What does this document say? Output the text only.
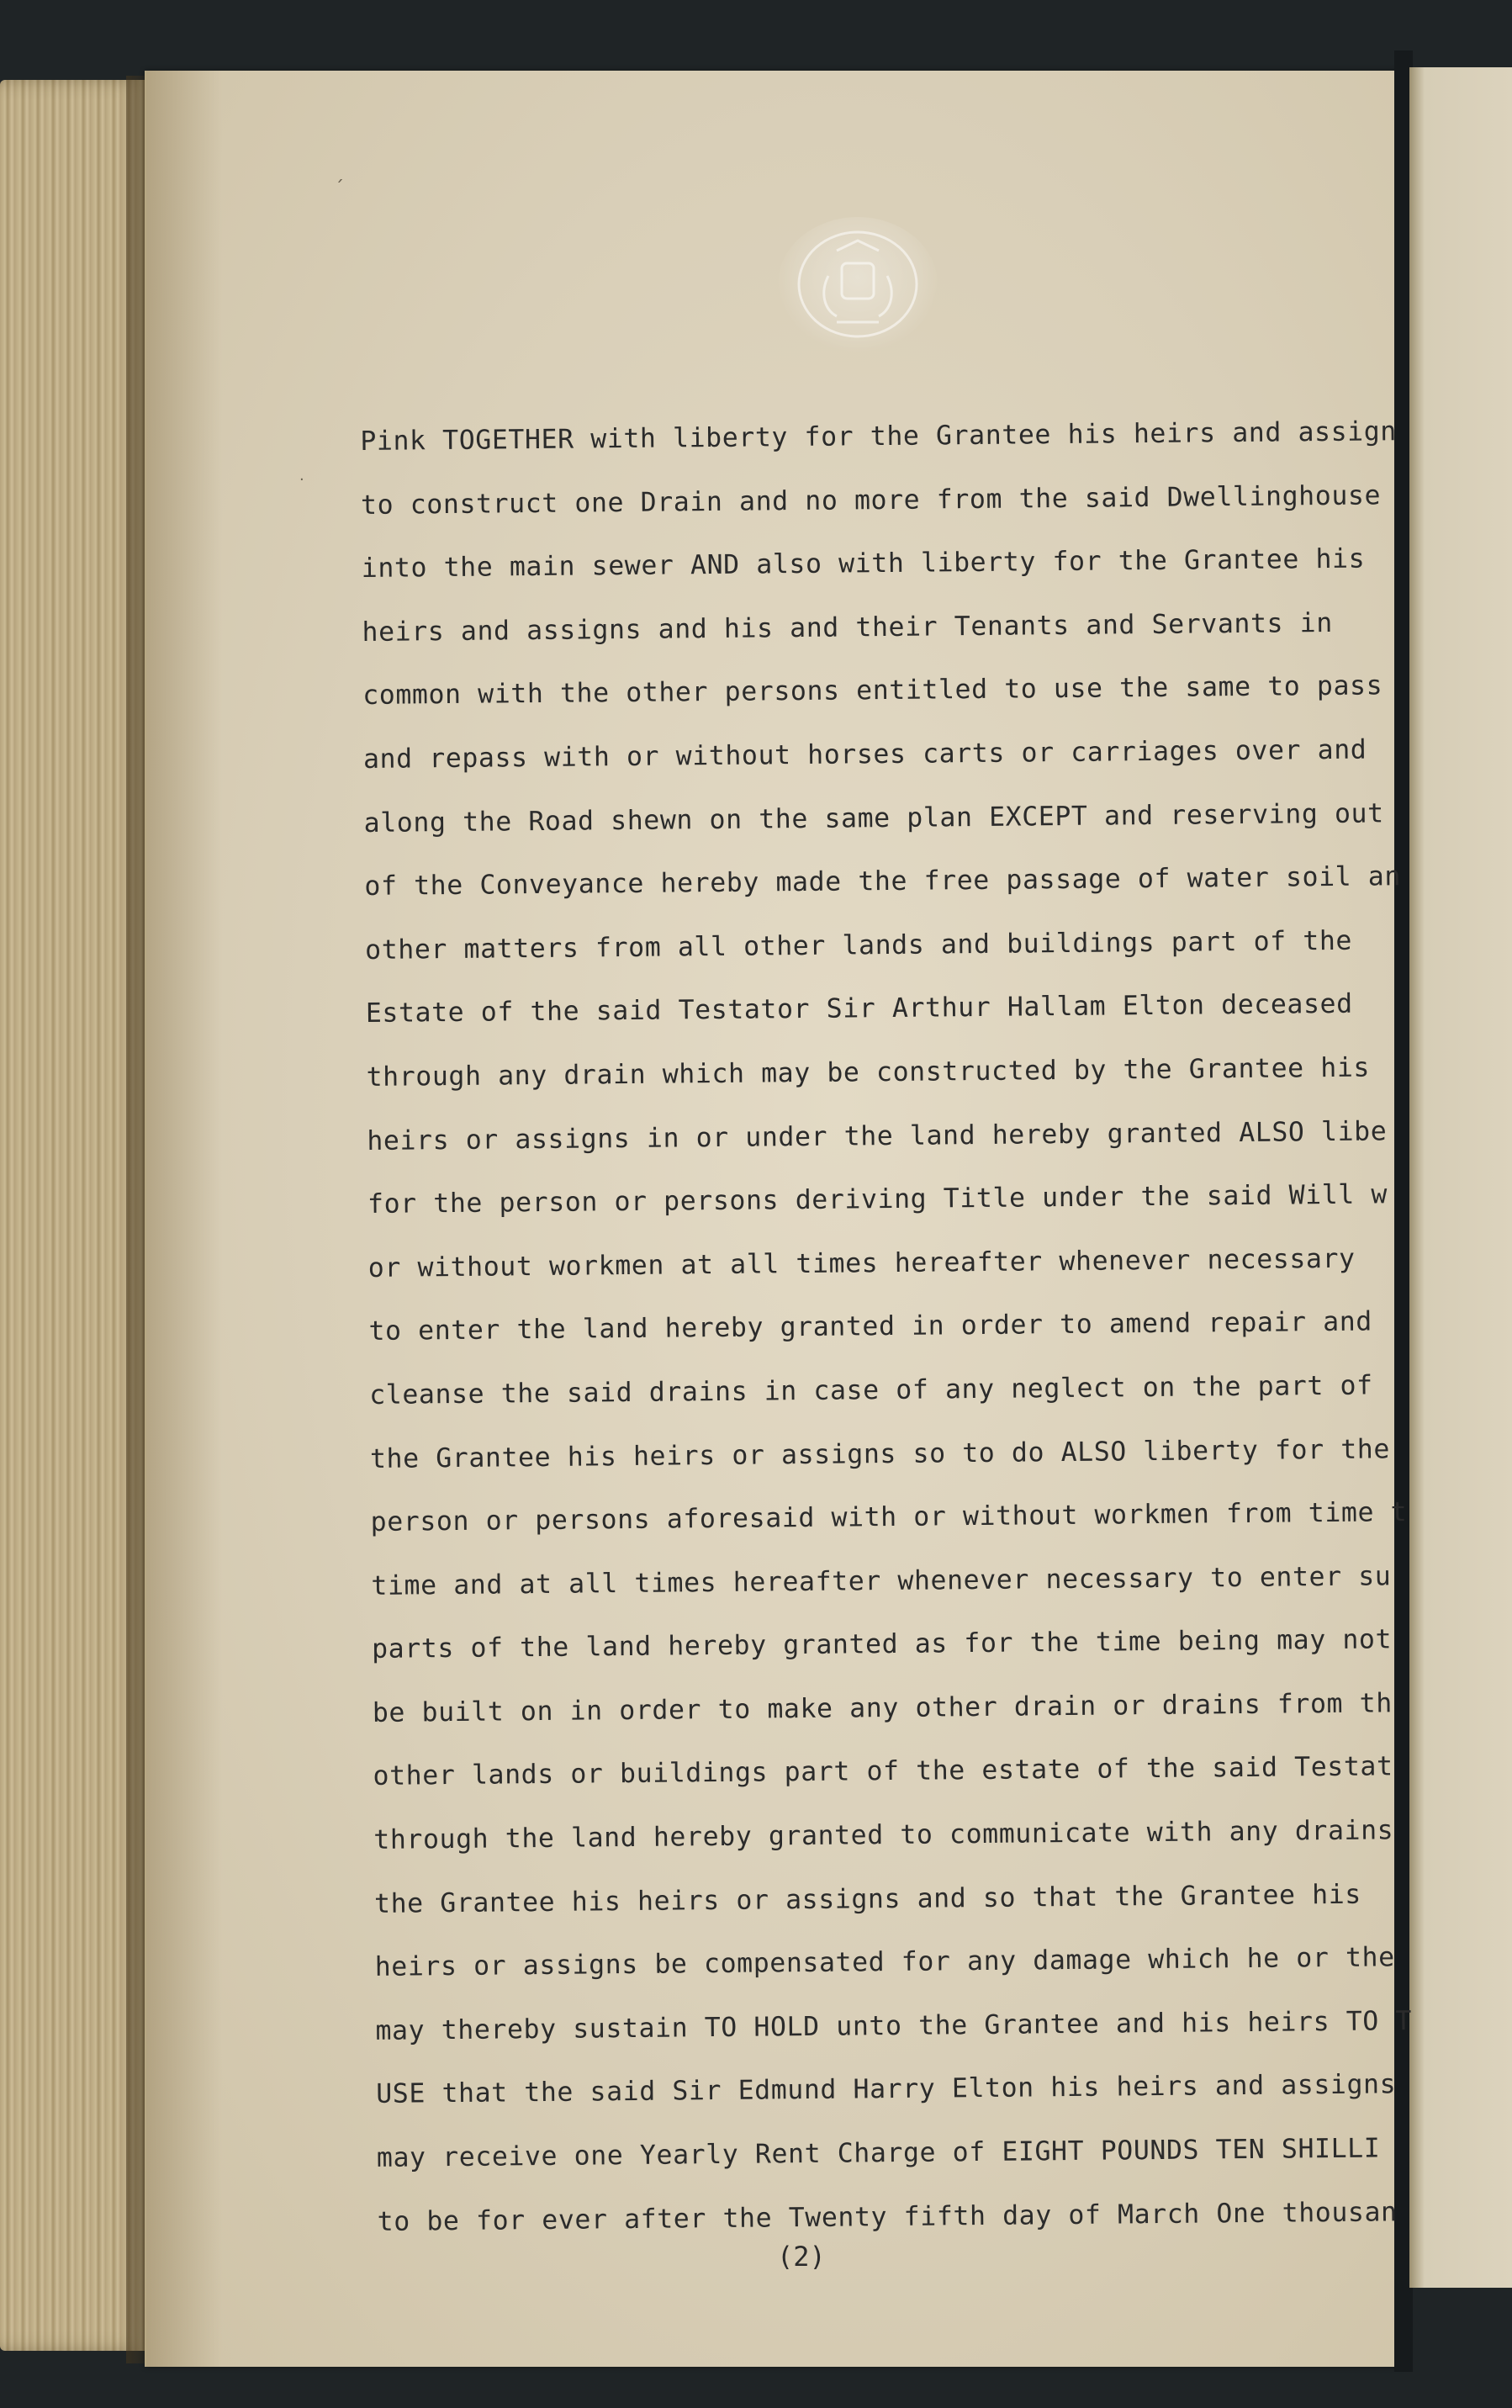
ˊ
·
Pink TOGETHER with liberty for the Grantee his heirs and assign
to construct one Drain and no more from the said Dwellinghouse
into the main sewer AND also with liberty for the Grantee his
heirs and assigns and his and their Tenants and Servants in
common with the other persons entitled to use the same to pass
and repass with or without horses carts or carriages over and
along the Road shewn on the same plan EXCEPT and reserving out
of the Conveyance hereby made the free passage of water soil an
other matters from all other lands and buildings part of the
Estate of the said Testator Sir Arthur Hallam Elton deceased
through any drain which may be constructed by the Grantee his
heirs or assigns in or under the land hereby granted ALSO libe
for the person or persons deriving Title under the said Will w
or without workmen at all times hereafter whenever necessary
to enter the land hereby granted in order to amend repair and
cleanse the said drains in case of any neglect on the part of
the Grantee his heirs or assigns so to do ALSO liberty for the
person or persons aforesaid with or without workmen from time t
time and at all times hereafter whenever necessary to enter su
parts of the land hereby granted as for the time being may not
be built on in order to make any other drain or drains from th
other lands or buildings part of the estate of the said Testat
through the land hereby granted to communicate with any drains
the Grantee his heirs or assigns and so that the Grantee his
heirs or assigns be compensated for any damage which he or the
may thereby sustain TO HOLD unto the Grantee and his heirs TO T
USE that the said Sir Edmund Harry Elton his heirs and assigns
may receive one Yearly Rent Charge of EIGHT POUNDS TEN SHILLI
to be for ever after the Twenty fifth day of March One thousan
(2)
